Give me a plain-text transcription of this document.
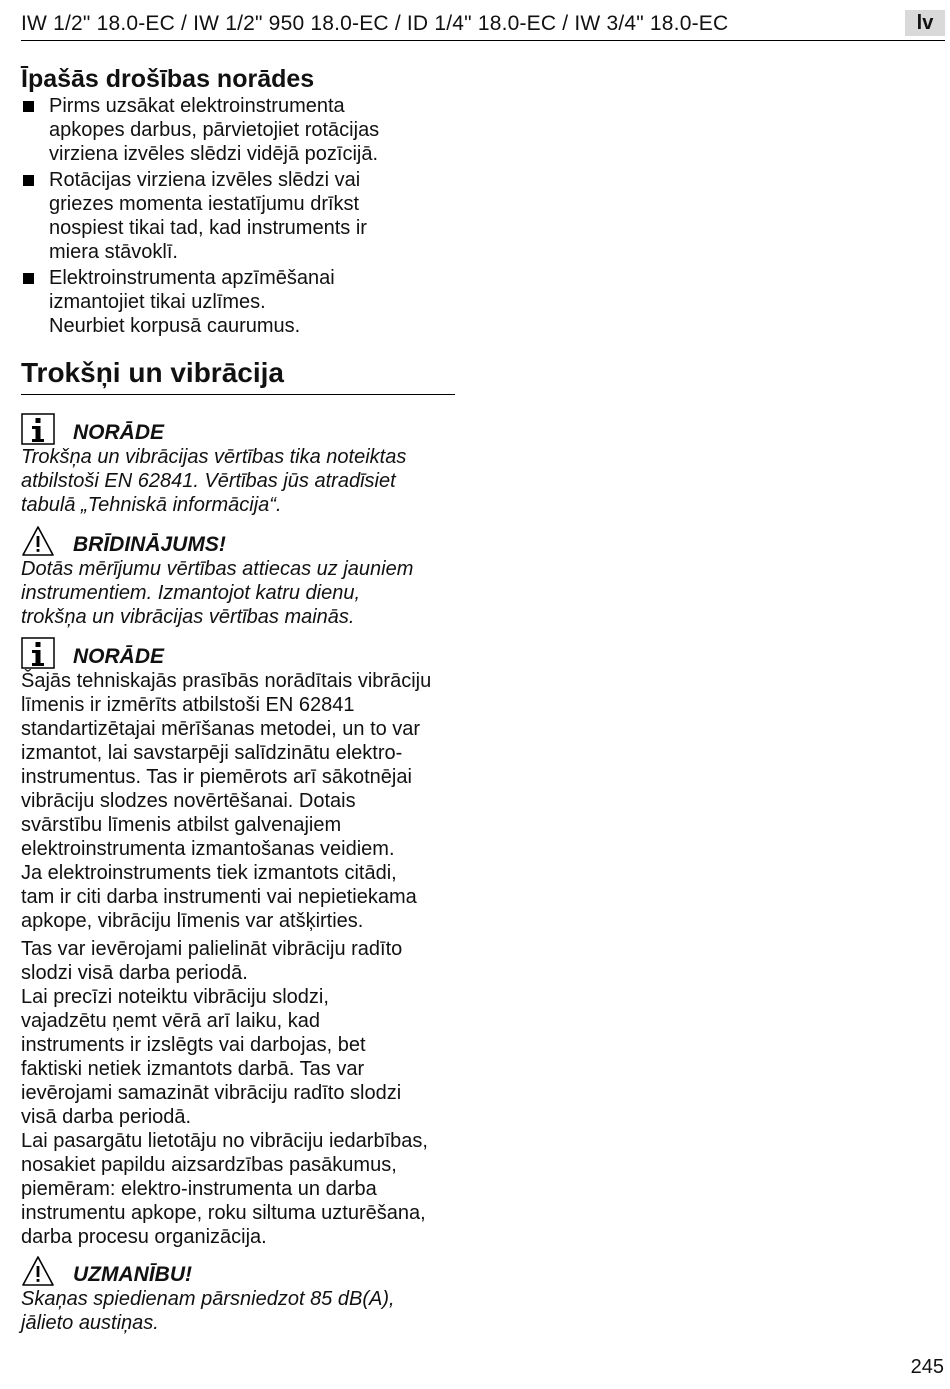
IW 1/2" 18.0-EC / IW 1/2" 950 18.0-EC / ID 1/4" 18.0-EC / IW 3/4" 18.0-EC	lv
Īpašās drošības norādes
Pirms uzsākat elektroinstrumenta
apkopes darbus, pārvietojiet rotācijas
virziena izvēles slēdzi vidējā pozīcijā.
Rotācijas virziena izvēles slēdzi vai
griezes momenta iestatījumu drīkst
nospiest tikai tad, kad instruments ir
miera stāvoklī.
Elektroinstrumenta apzīmēšanai
izmantojiet tikai uzlīmes.
Neurbiet korpusā caurumus.
Trokšņi un vibrācija
NORĀDE
Trokšņa un vibrācijas vērtības tika noteiktas
atbilstoši EN 62841. Vērtības jūs atradīsiet
tabulā „Tehniskā informācija“.
BRĪDINĀJUMS!
Dotās mērījumu vērtības attiecas uz jauniem
instrumentiem. Izmantojot katru dienu,
trokšņa un vibrācijas vērtības mainās.
NORĀDE
Šajās tehniskajās prasībās norādītais vibrāciju
līmenis ir izmērīts atbilstoši EN 62841
standartizētajai mērīšanas metodei, un to var
izmantot, lai savstarpēji salīdzinātu elektro-
instrumentus. Tas ir piemērots arī sākotnējai
vibrāciju slodzes novērtēšanai. Dotais
svārstību līmenis atbilst galvenajiem
elektroinstrumenta izmantošanas veidiem.
Ja elektroinstruments tiek izmantots citādi,
tam ir citi darba instrumenti vai nepietiekama
apkope, vibrāciju līmenis var atšķirties.
Tas var ievērojami palielināt vibrāciju radīto
slodzi visā darba periodā.
Lai precīzi noteiktu vibrāciju slodzi,
vajadzētu ņemt vērā arī laiku, kad
instruments ir izslēgts vai darbojas, bet
faktiski netiek izmantots darbā. Tas var
ievērojami samazināt vibrāciju radīto slodzi
visā darba periodā.
Lai pasargātu lietotāju no vibrāciju iedarbības,
nosakiet papildu aizsardzības pasākumus,
piemēram: elektro-instrumenta un darba
instrumentu apkope, roku siltuma uzturēšana,
darba procesu organizācija.
UZMANĪBU!
Skaņas spiedienam pārsniedzot 85 dB(A),
jālieto austiņas.
245
